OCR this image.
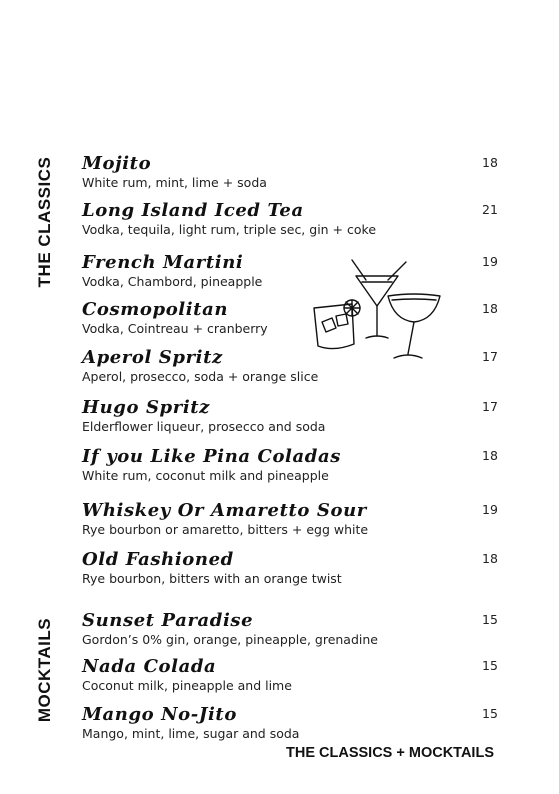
THE CLASSICS
MOCKTAILS
Mojito
White rum, mint, lime + soda
18
Long Island Iced Tea
Vodka, tequila, light rum, triple sec, gin + coke
21
French Martini
Vodka, Chambord, pineapple
19
Cosmopolitan
Vodka, Cointreau + cranberry
18
Aperol Spritz
Aperol, prosecco, soda + orange slice
17
Hugo Spritz
Elderflower liqueur, prosecco and soda
17
If you Like Pina Coladas
White rum, coconut milk and pineapple
18
Whiskey Or Amaretto Sour
Rye bourbon or amaretto, bitters + egg white
19
Old Fashioned
Rye bourbon, bitters with an orange twist
18
Sunset Paradise
Gordon’s 0% gin, orange, pineapple, grenadine
15
Nada Colada
Coconut milk, pineapple and lime
15
Mango No-Jito
Mango, mint, lime, sugar and soda
15
THE CLASSICS + MOCKTAILS
